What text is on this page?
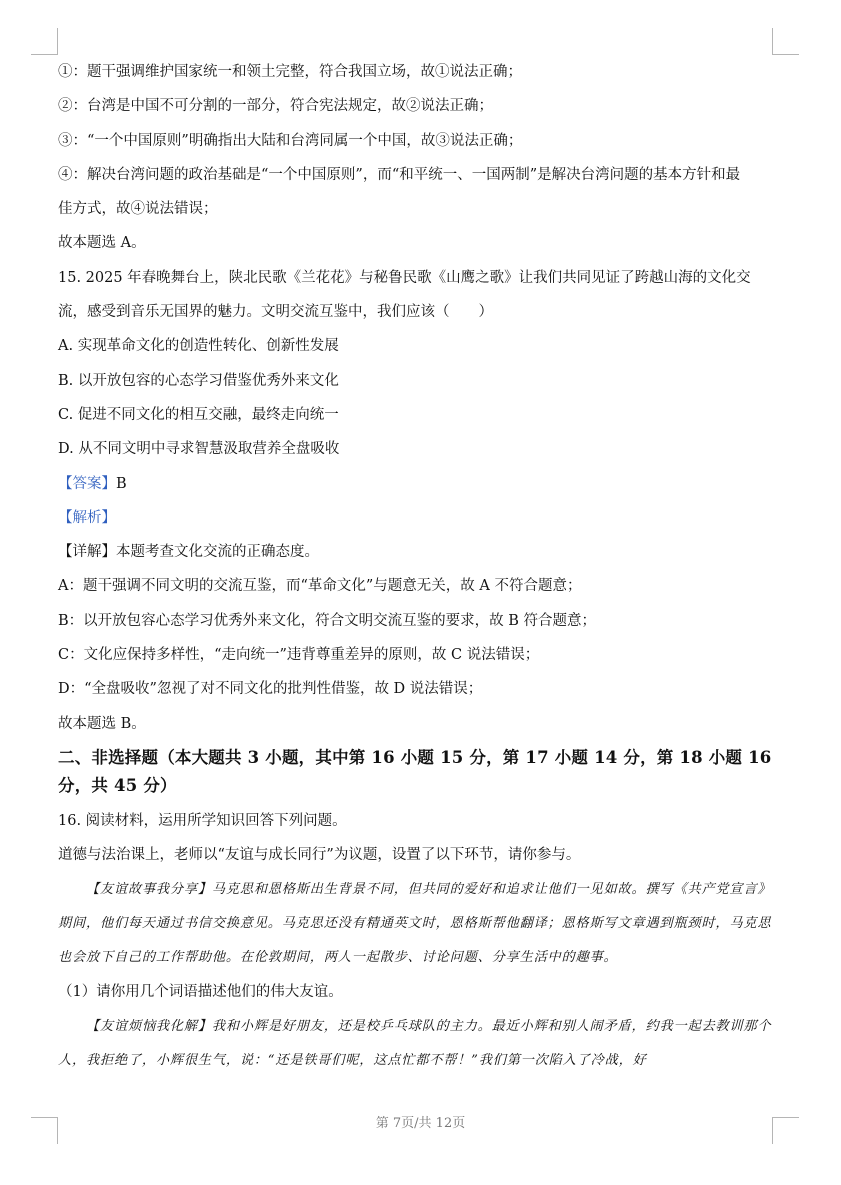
①：题干强调维护国家统一和领土完整，符合我国立场，故①说法正确；
②：台湾是中国不可分割的一部分，符合宪法规定，故②说法正确；
③：“一个中国原则”明确指出大陆和台湾同属一个中国，故③说法正确；
④：解决台湾问题的政治基础是“一个中国原则”，而“和平统一、一国两制”是解决台湾问题的基本方针和最
佳方式，故④说法错误；
故本题选 A。
15. 2025 年春晚舞台上，陕北民歌《兰花花》与秘鲁民歌《山鹰之歌》让我们共同见证了跨越山海的文化交
流，感受到音乐无国界的魅力。文明交流互鉴中，我们应该（　　）
A. 实现革命文化的创造性转化、创新性发展
B. 以开放包容的心态学习借鉴优秀外来文化
C. 促进不同文化的相互交融，最终走向统一
D. 从不同文明中寻求智慧汲取营养全盘吸收
【答案】B
【解析】
【详解】本题考查文化交流的正确态度。
A：题干强调不同文明的交流互鉴，而“革命文化”与题意无关，故 A 不符合题意；
B：以开放包容心态学习优秀外来文化，符合文明交流互鉴的要求，故 B 符合题意；
C：文化应保持多样性，“走向统一”违背尊重差异的原则，故 C 说法错误；
D：“全盘吸收”忽视了对不同文化的批判性借鉴，故 D 说法错误；
故本题选 B。
二、非选择题（本大题共 3 小题，其中第 16 小题 15 分，第 17 小题 14 分，第 18 小题 16 分，共 45 分）
16. 阅读材料，运用所学知识回答下列问题。
道德与法治课上，老师以“友谊与成长同行”为议题，设置了以下环节，请你参与。
【友谊故事我分享】马克思和恩格斯出生背景不同，但共同的爱好和追求让他们一见如故。撰写《共产党宣言》期间，他们每天通过书信交换意见。马克思还没有精通英文时，恩格斯帮他翻译；恩格斯写文章遇到瓶颈时，马克思也会放下自己的工作帮助他。在伦敦期间，两人一起散步、讨论问题、分享生活中的趣事。
（1）请你用几个词语描述他们的伟大友谊。
【友谊烦恼我化解】我和小辉是好朋友，还是校乒乓球队的主力。最近小辉和别人闹矛盾，约我一起去教训那个人，我拒绝了，小辉很生气，说：“还是铁哥们呢，这点忙都不帮！”我们第一次陷入了冷战，好
第 7页/共 12页
